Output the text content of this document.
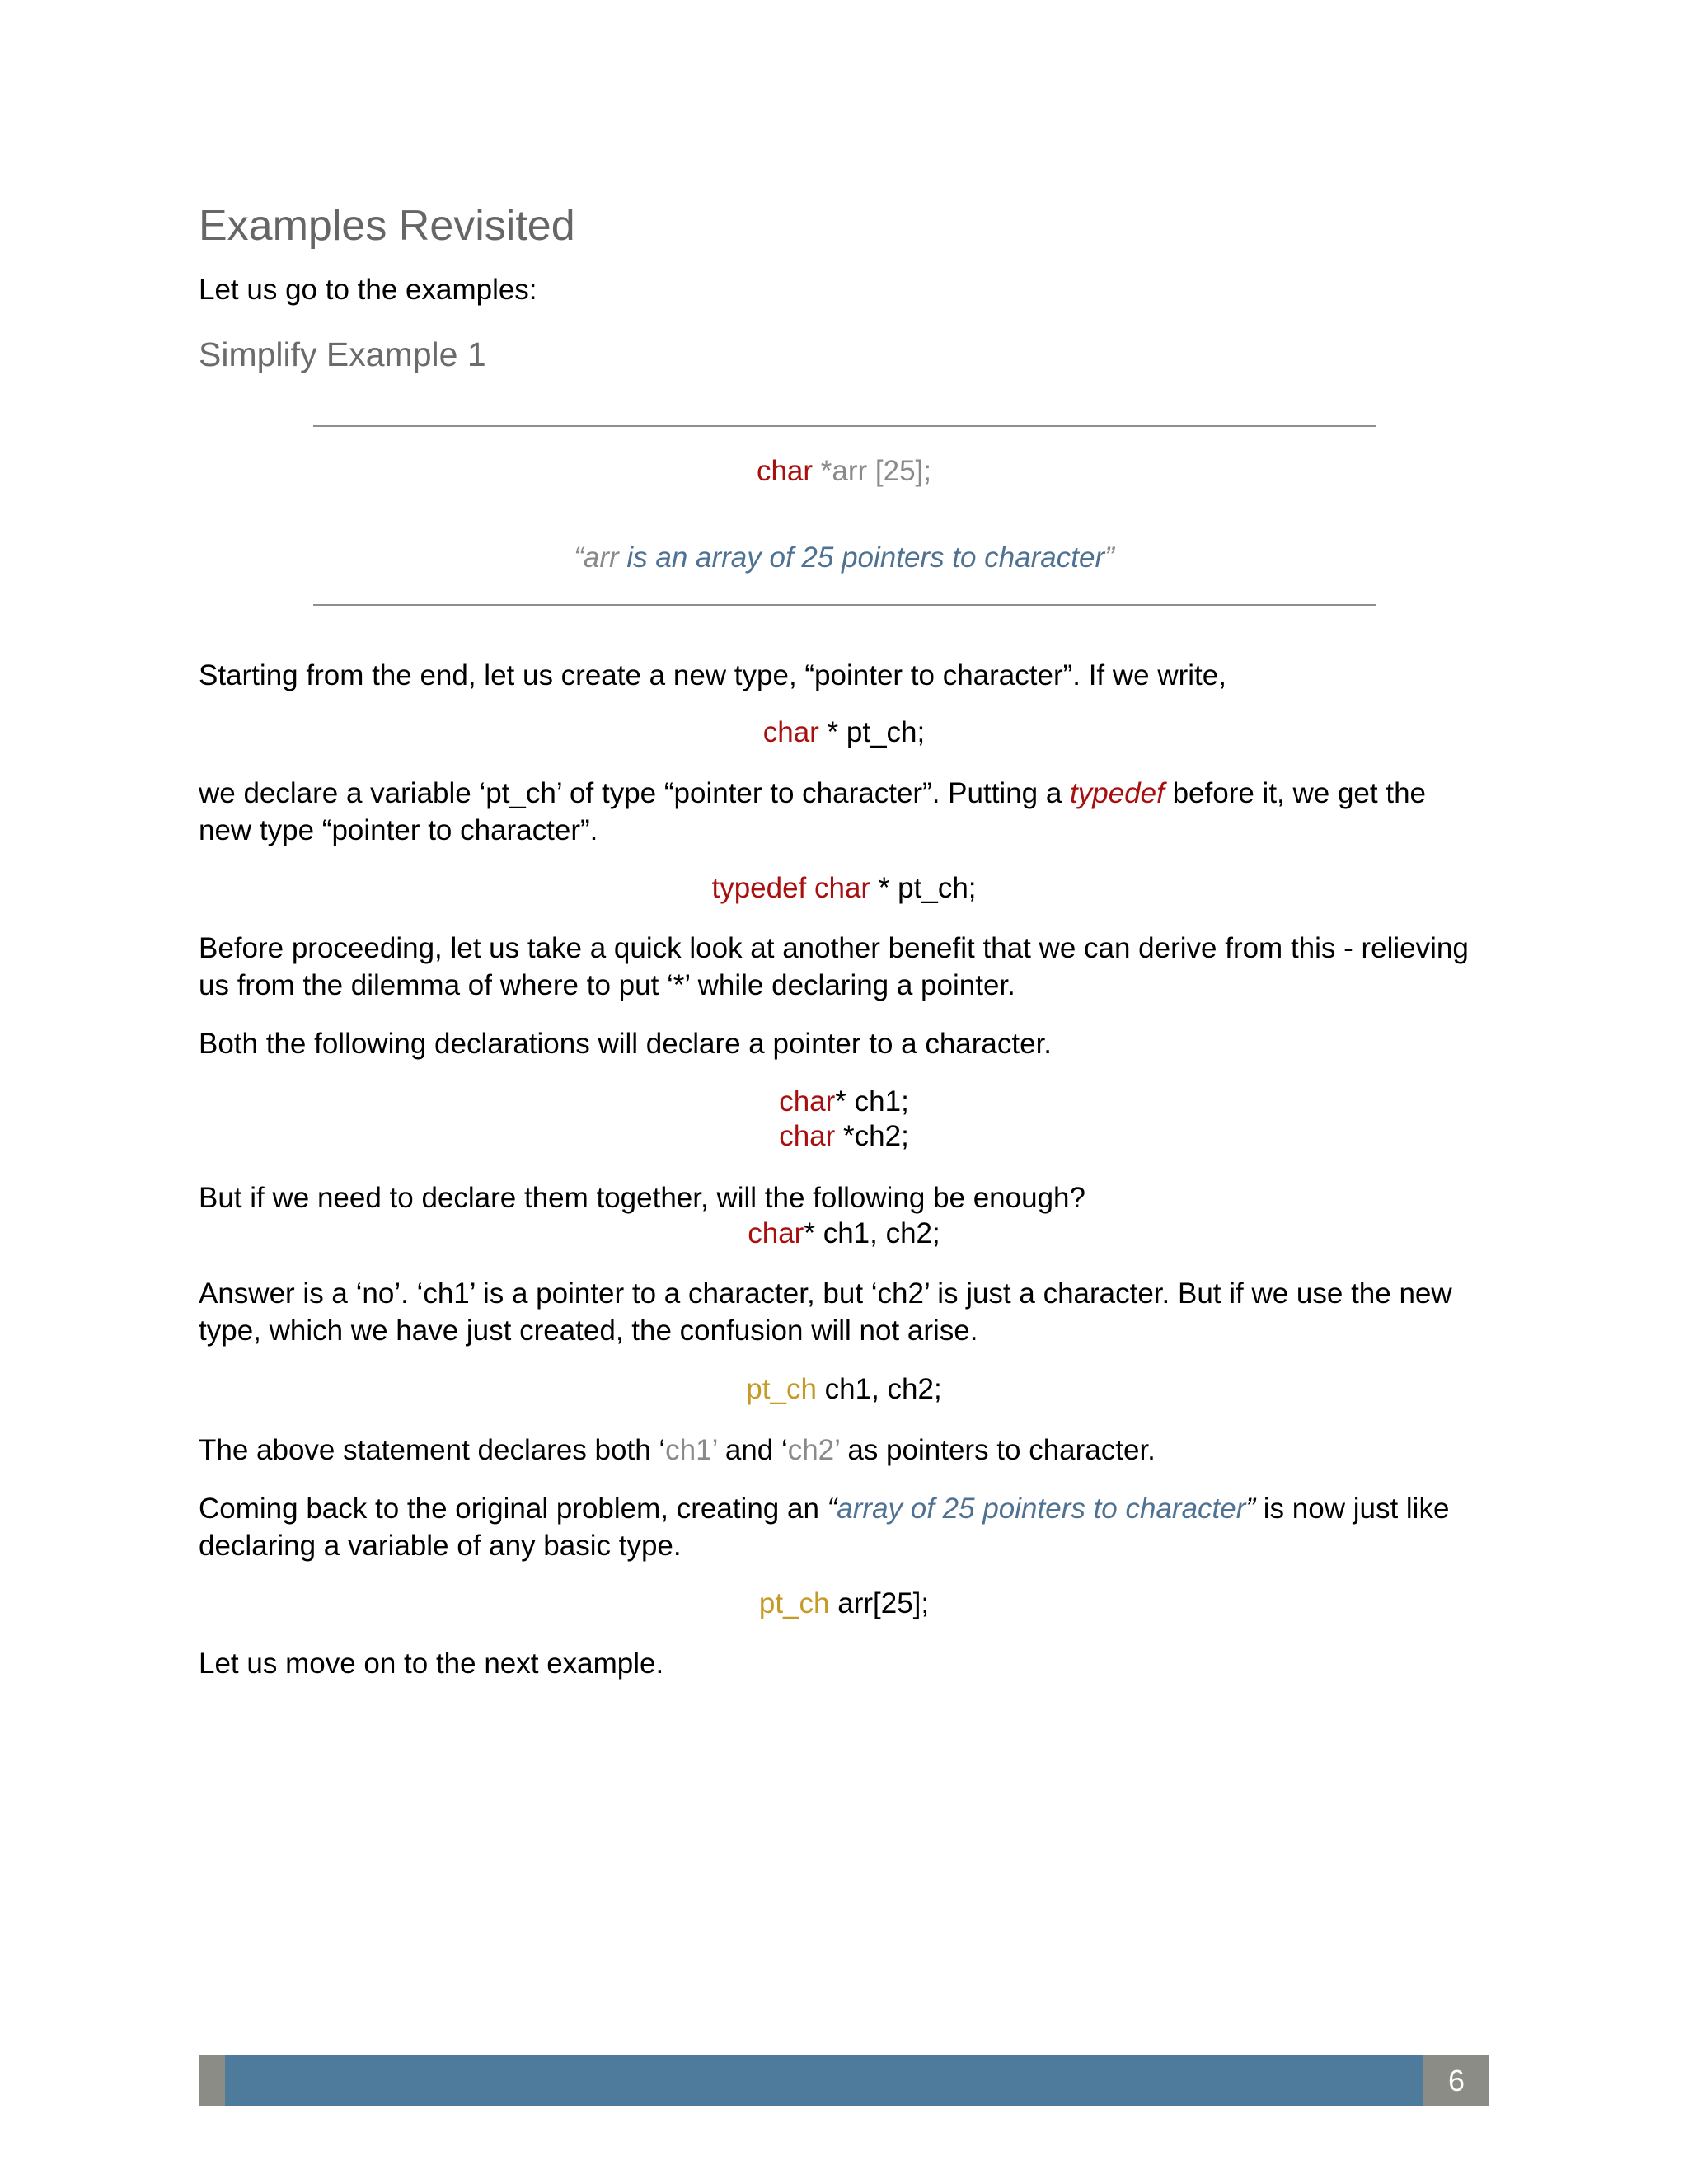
Examples Revisited
Let us go to the examples:
Simplify Example 1
char *arr [25];
“arr is an array of 25 pointers to character”
Starting from the end, let us create a new type, “pointer to character”. If we write,
char * pt_ch;
we declare a variable ‘pt_ch’ of type “pointer to character”. Putting a typedef before it, we get the
new type “pointer to character”.
typedef char * pt_ch;
Before proceeding, let us take a quick look at another benefit that we can derive from this - relieving
us from the dilemma of where to put ‘*’ while declaring a pointer.
Both the following declarations will declare a pointer to a character.
char* ch1;
char *ch2;
But if we need to declare them together, will the following be enough?
char* ch1, ch2;
Answer is a ‘no’. ‘ch1’ is a pointer to a character, but ‘ch2’ is just a character. But if we use the new
type, which we have just created, the confusion will not arise.
pt_ch ch1, ch2;
The above statement declares both ‘ch1’ and ‘ch2’ as pointers to character.
Coming back to the original problem, creating an “array of 25 pointers to character” is now just like
declaring a variable of any basic type.
pt_ch arr[25];
Let us move on to the next example.
6
